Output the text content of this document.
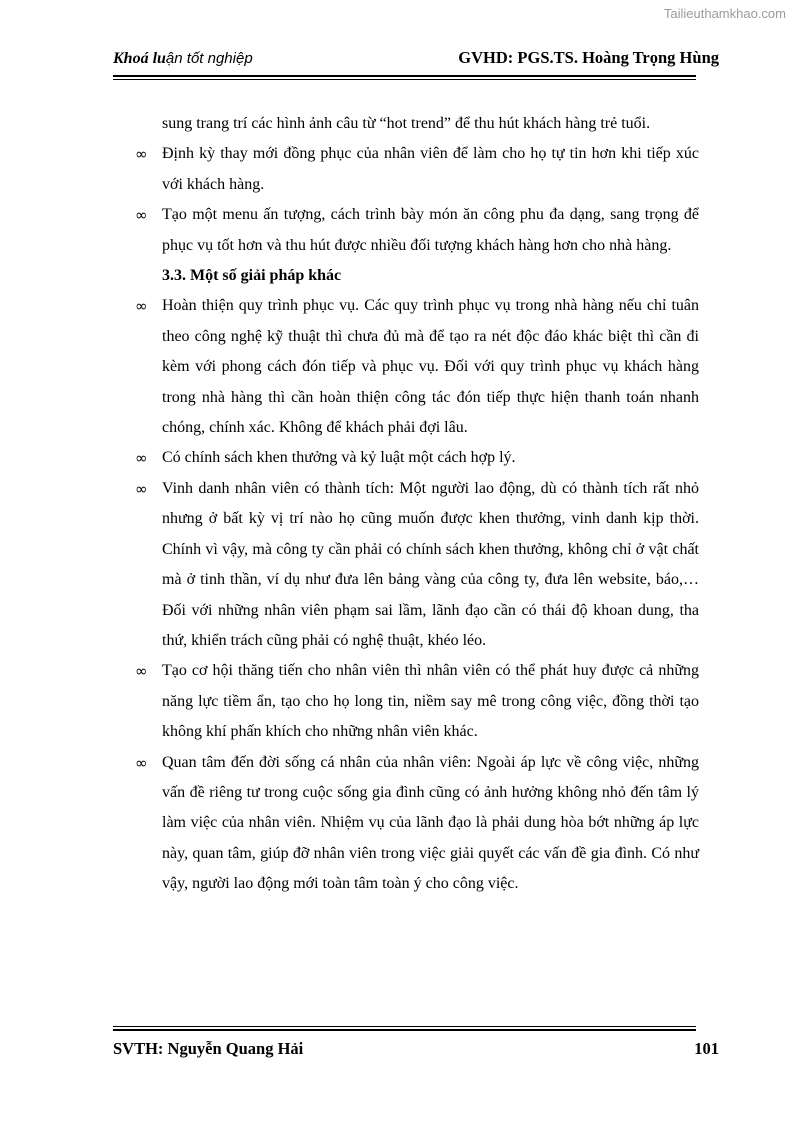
Tailieuthamkhao.com
Khoá luận tốt nghiệp	GVHD: PGS.TS. Hoàng Trọng Hùng

sung trang trí các hình ảnh câu từ “hot trend” để thu hút khách hàng trẻ tuổi.

∞ Định kỳ thay mới đồng phục của nhân viên để làm cho họ tự tin hơn khi tiếp xúc với khách hàng.

∞ Tạo một menu ấn tượng, cách trình bày món ăn công phu đa dạng, sang trọng để phục vụ tốt hơn và thu hút được nhiều đối tượng khách hàng hơn cho nhà hàng.

3.3. Một số giải pháp khác

∞ Hoàn thiện quy trình phục vụ. Các quy trình phục vụ trong nhà hàng nếu chỉ tuân theo công nghệ kỹ thuật thì chưa đủ mà để tạo ra nét độc đáo khác biệt thì cần đi kèm với phong cách đón tiếp và phục vụ. Đối với quy trình phục vụ khách hàng trong nhà hàng thì cần hoàn thiện công tác đón tiếp thực hiện thanh toán nhanh chóng, chính xác. Không để khách phải đợi lâu.

∞ Có chính sách khen thưởng và kỷ luật một cách hợp lý.

∞ Vinh danh nhân viên có thành tích: Một người lao động, dù có thành tích rất nhỏ nhưng ở bất kỳ vị trí nào họ cũng muốn được khen thưởng, vinh danh kịp thời. Chính vì vậy, mà công ty cần phải có chính sách khen thưởng, không chỉ ở vật chất mà ở tinh thần, ví dụ như đưa lên bảng vàng của công ty, đưa lên website, báo,… Đối với những nhân viên phạm sai lầm, lãnh đạo cần có thái độ khoan dung, tha thứ, khiển trách cũng phải có nghệ thuật, khéo léo.

∞ Tạo cơ hội thăng tiến cho nhân viên thì nhân viên có thể phát huy được cả những năng lực tiềm ẩn, tạo cho họ long tin, niềm say mê trong công việc, đồng thời tạo không khí phấn khích cho những nhân viên khác.

∞ Quan tâm đến đời sống cá nhân của nhân viên: Ngoài áp lực về công việc, những vấn đề riêng tư trong cuộc sống gia đình cũng có ảnh hưởng không nhỏ đến tâm lý làm việc của nhân viên. Nhiệm vụ của lãnh đạo là phải dung hòa bớt những áp lực này, quan tâm, giúp đỡ nhân viên trong việc giải quyết các vấn đề gia đình. Có như vậy, người lao động mới toàn tâm toàn ý cho công việc.

SVTH: Nguyễn Quang Hải	101
